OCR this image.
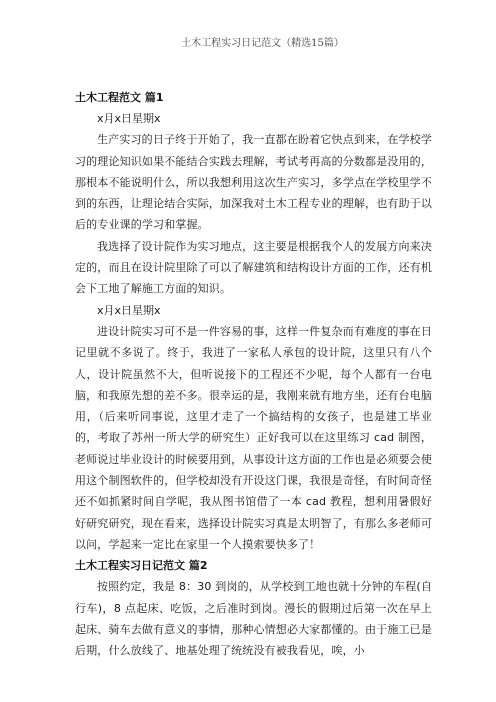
土木工程实习日记范文（精选15篇）
土木工程范文 篇1

x月x日星期x

生产实习的日子终于开始了，我一直都在盼着它快点到来，在学校学习的理论知识如果不能结合实践去理解，考试考再高的分数都是没用的，那根本不能说明什么，所以我想利用这次生产实习，多学点在学校里学不到的东西，让理论结合实际，加深我对土木工程专业的理解，也有助于以后的专业课的学习和掌握。

我选择了设计院作为实习地点，这主要是根据我个人的发展方向来决定的，而且在设计院里除了可以了解建筑和结构设计方面的工作，还有机会下工地了解施工方面的知识。

x月x日星期x

进设计院实习可不是一件容易的事，这样一件复杂而有难度的事在日记里就不多说了。终于，我进了一家私人承包的设计院，这里只有八个人，设计院虽然不大，但听说接下的工程还不少呢，每个人都有一台电脑，和我原先想的差不多。很幸运的是，我刚来就有地方坐，还有台电脑用，（后来听同事说，这里才走了一个搞结构的女孩子，也是建工毕业的，考取了苏州一所大学的研究生）正好我可以在这里练习 cad 制图，老师说过毕业设计的时候要用到，从事设计这方面的工作也是必须要会使用这个制图软件的，但学校却没有开设这门课，我很是奇怪，有时间奇怪还不如抓紧时间自学呢，我从图书馆借了一本 cad 教程，想利用暑假好好研究研究，现在看来，选择设计院实习真是太明智了，有那么多老师可以问，学起来一定比在家里一个人摸索要快多了！

土木工程实习日记范文 篇2

按照约定，我是 8：30 到岗的，从学校到工地也就十分钟的车程(自行车)，8 点起床、吃饭，之后准时到岗。漫长的假期过后第一次在早上起床、骑车去做有意义的事情，那种心情想必大家都懂的。由于施工已是后期，什么放线了、地基处理了统统没有被我看见，唉，小
